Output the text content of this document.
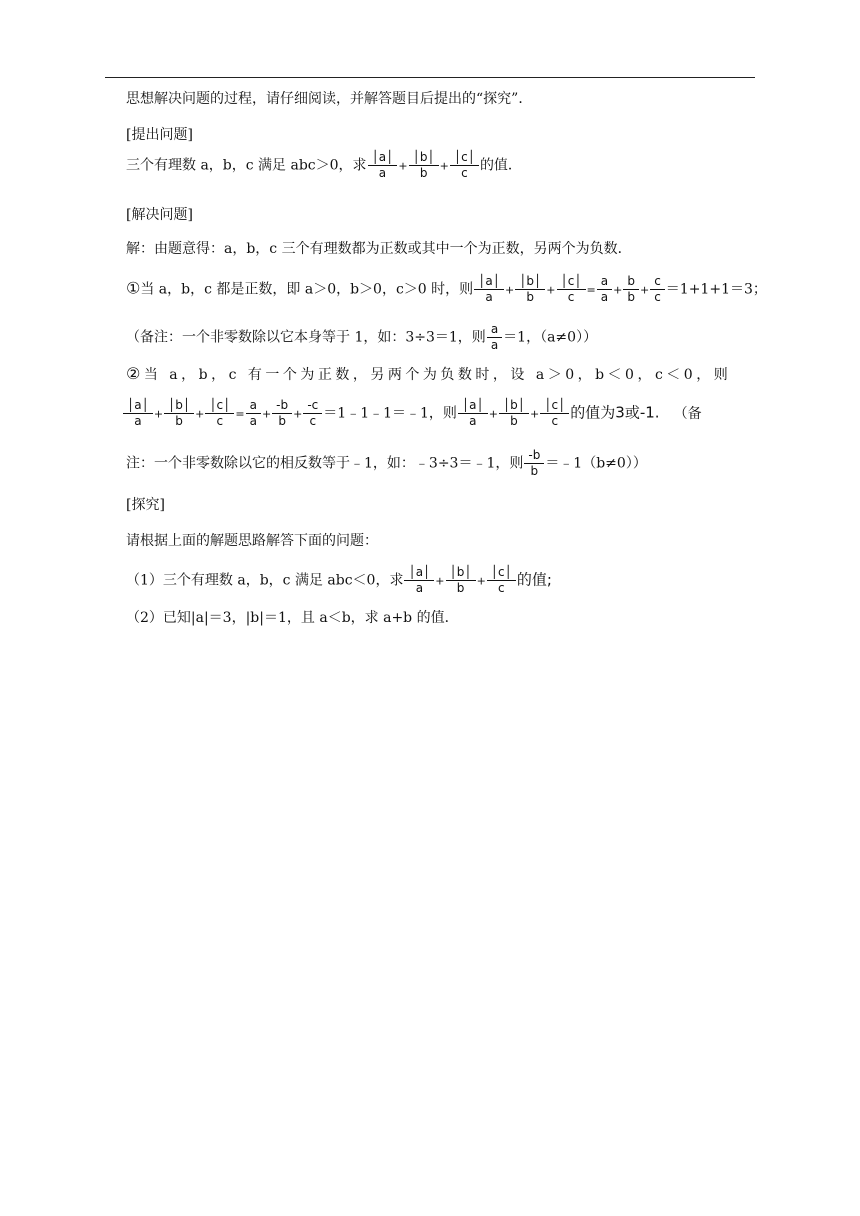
思想解决问题的过程，请仔细阅读，并解答题目后提出的“探究”．
[提出问题]
三个有理数 a，b，c 满足 abc＞0，求 $\frac{│a│}{a} + \frac{│b│}{b} + \frac{│c│}{c}$ 的值．
[解决问题]
解：由题意得：a，b，c 三个有理数都为正数或其中一个为正数，另两个为负数．
①当 a，b，c 都是正数，即 a＞0，b＞0，c＞0 时，则 $\frac{│a│}{a} + \frac{│b│}{b} + \frac{│c│}{c} = \frac{a}{a} + \frac{b}{b} + \frac{c}{c} =1+1+1=3$；
（备注：一个非零数除以它本身等于 1，如：3÷3＝1，则 $\frac{a}{a} =1$，（a≠0））
②当 a，b，c 有一个为正数，另两个为负数时，设 a＞0，b＜0，c＜0，则
$\frac{│a│}{a} + \frac{│b│}{b} + \frac{│c│}{c} = \frac{a}{a} + \frac{-b}{b} + \frac{-c}{c}$ ＝1﹣1﹣1＝﹣1，则 $\frac{│a│}{a} + \frac{│b│}{b} + \frac{│c│}{c}$ 的值为3或-1. （备
注：一个非零数除以它的相反数等于﹣1，如：﹣3÷3＝﹣1，则 $\frac{-b}{b}$ ＝﹣1（b≠0））
[探究]
请根据上面的解题思路解答下面的问题：
（1）三个有理数 a，b，c 满足 abc＜0，求 $\frac{│a│}{a} + \frac{│b│}{b} + \frac{│c│}{c}$ 的值;
（2）已知|a|＝3，|b|＝1，且 a＜b，求 a+b 的值．
